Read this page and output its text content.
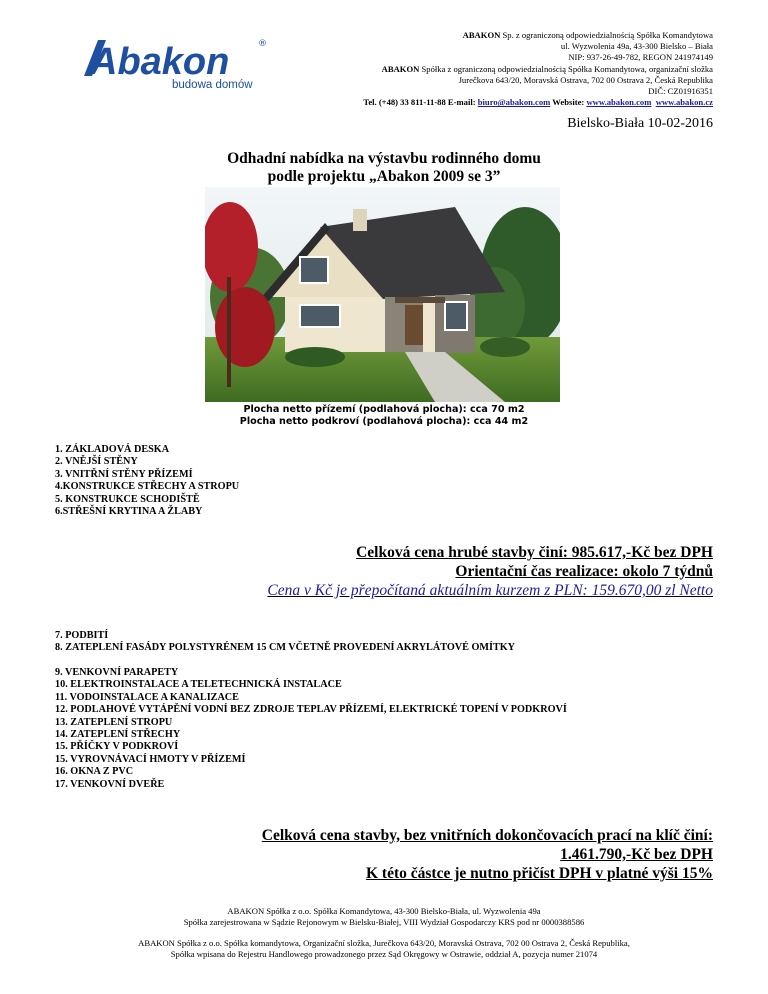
Abakon	®
budowa domów
ABAKON Sp. z ograniczoną odpowiedzialnością Spółka Komandytowa
ul. Wyzwolenia 49a, 43-300 Bielsko – Biała
NIP: 937-26-49-782, REGON 241974149
ABAKON Spółka z ograniczoną odpowiedzialnością Spółka Komandytowa, organizační složka
Jurečkova 643/20, Moravská Ostrava, 702 00 Ostrava 2, Česká Republika
DIČ: CZ01916351
Tel. (+48) 33 811-11-88 E-mail: biuro@abakon.com Website: www.abakon.com www.abakon.cz
Bielsko-Biała 10-02-2016
Odhadní nabídka na výstavbu rodinného domu
podle projektu „Abakon 2009 se 3”
Plocha netto přízemí (podlahová plocha): cca 70 m2
Plocha netto podkroví (podlahová plocha): cca 44 m2
1. ZÁKLADOVÁ DESKA
2. VNĚJŠÍ STĚNY
3. VNITŘNÍ STĚNY PŘÍZEMÍ
4.KONSTRUKCE STŘECHY A STROPU
5. KONSTRUKCE SCHODIŠTĚ
6.STŘEŠNÍ KRYTINA A ŽLABY
Celková cena hrubé stavby činí: 985.617,-Kč bez DPH
Orientační čas realizace: okolo 7 týdnů
Cena v Kč je přepočítaná aktuálním kurzem z PLN: 159.670,00 zl Netto
7. PODBITÍ
8. ZATEPLENÍ FASÁDY POLYSTYRÉNEM 15 CM VČETNĚ PROVEDENÍ AKRYLÁTOVÉ OMÍTKY
9. VENKOVNÍ PARAPETY
10. ELEKTROINSTALACE A TELETECHNICKÁ INSTALACE
11. VODOINSTALACE A KANALIZACE
12. PODLAHOVÉ VYTÁPĚNÍ VODNÍ BEZ ZDROJE TEPLAV PŘÍZEMÍ, ELEKTRICKÉ TOPENÍ V PODKROVÍ
13. ZATEPLENÍ STROPU
14. ZATEPLENÍ STŘECHY
15. PŘÍČKY V PODKROVÍ
15. VYROVNÁVACÍ HMOTY V PŘÍZEMÍ
16. OKNA Z PVC
17. VENKOVNÍ DVEŘE
Celková cena stavby, bez vnitřních dokončovacích prací na klíč činí:
1.461.790,-Kč bez DPH
K této částce je nutno přičíst DPH v platné výši 15%
ABAKON Spółka z o.o. Spółka Komandytowa, 43-300 Bielsko-Biała, ul. Wyzwolenia 49a
Spółka zarejestrowana w Sądzie Rejonowym w Bielsku-Białej, VIII Wydział Gospodarczy KRS pod nr 0000388586
ABAKON Spółka z o.o. Spółka komandytowa, Organizační složka, Jurečkova 643/20, Moravská Ostrava, 702 00 Ostrava 2, Česká Republika,
Spółka wpisana do Rejestru Handlowego prowadzonego przez Sąd Okręgowy w Ostrawie, oddział A, pozycja numer 21074
